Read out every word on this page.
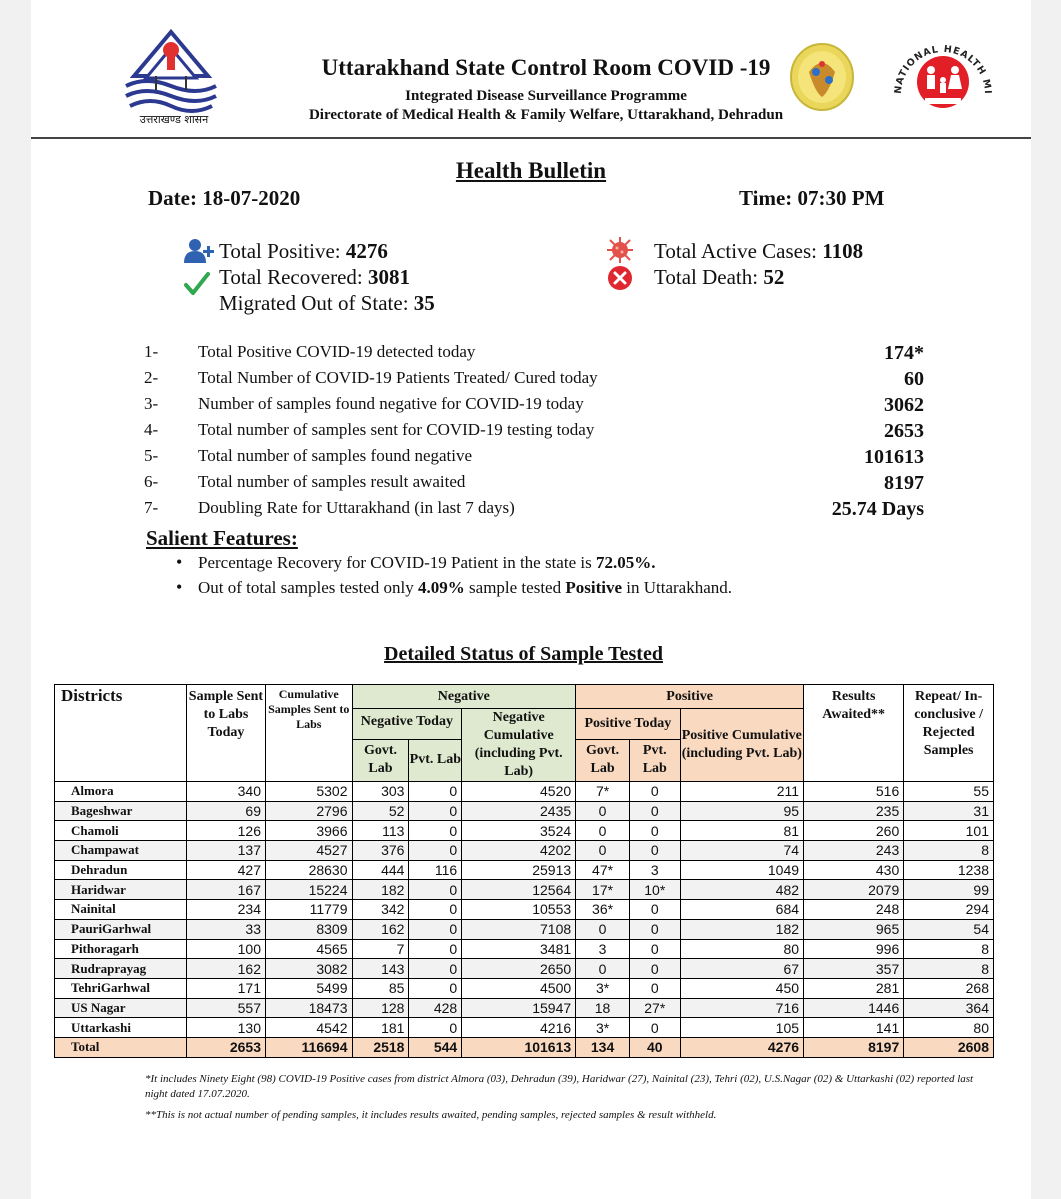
उत्तराखण्ड शासन
Uttarakhand State Control Room COVID -19
Integrated Disease Surveillance Programme
Directorate of Medical Health & Family Welfare, Uttarakhand, Dehradun
NATIONAL HEALTH MI
Health Bulletin
Date: 18-07-2020	Time: 07:30 PM
Total Positive: 4276
Total Recovered: 3081
Migrated Out of State: 35
Total Active Cases: 1108
Total Death: 52
1- Total Positive COVID-19 detected today	174*
2- Total Number of COVID-19 Patients Treated/ Cured today	60
3- Number of samples found negative for COVID-19 today	3062
4- Total number of samples sent for COVID-19 testing today	2653
5- Total number of samples found negative	101613
6- Total number of samples result awaited	8197
7- Doubling Rate for Uttarakhand (in last 7 days)	25.74 Days
Salient Features:
• Percentage Recovery for COVID-19 Patient in the state is 72.05%.
• Out of total samples tested only 4.09% sample tested Positive in Uttarakhand.
Detailed Status of Sample Tested
Districts	Sample Sent to Labs Today	Cumulative Samples Sent to Labs	Negative			Positive			Results Awaited**	Repeat/ In-conclusive / Rejected Samples
			Negative Today		Negative Cumulative (including Pvt. Lab)	Positive Today		Positive Cumulative (including Pvt. Lab)		
			Govt. Lab	Pvt. Lab		Govt. Lab	Pvt. Lab			
Almora	340	5302	303	0	4520	7*	0	211	516	55
Bageshwar	69	2796	52	0	2435	0	0	95	235	31
Chamoli	126	3966	113	0	3524	0	0	81	260	101
Champawat	137	4527	376	0	4202	0	0	74	243	8
Dehradun	427	28630	444	116	25913	47*	3	1049	430	1238
Haridwar	167	15224	182	0	12564	17*	10*	482	2079	99
Nainital	234	11779	342	0	10553	36*	0	684	248	294
PauriGarhwal	33	8309	162	0	7108	0	0	182	965	54
Pithoragarh	100	4565	7	0	3481	3	0	80	996	8
Rudraprayag	162	3082	143	0	2650	0	0	67	357	8
TehriGarhwal	171	5499	85	0	4500	3*	0	450	281	268
US Nagar	557	18473	128	428	15947	18	27*	716	1446	364
Uttarkashi	130	4542	181	0	4216	3*	0	105	141	80
Total	2653	116694	2518	544	101613	134	40	4276	8197	2608
*It includes Ninety Eight (98) COVID-19 Positive cases from district Almora (03), Dehradun (39), Haridwar (27), Nainital (23), Tehri (02), U.S.Nagar (02) & Uttarkashi (02) reported last night dated 17.07.2020.
**This is not actual number of pending samples, it includes results awaited, pending samples, rejected samples & result withheld.
